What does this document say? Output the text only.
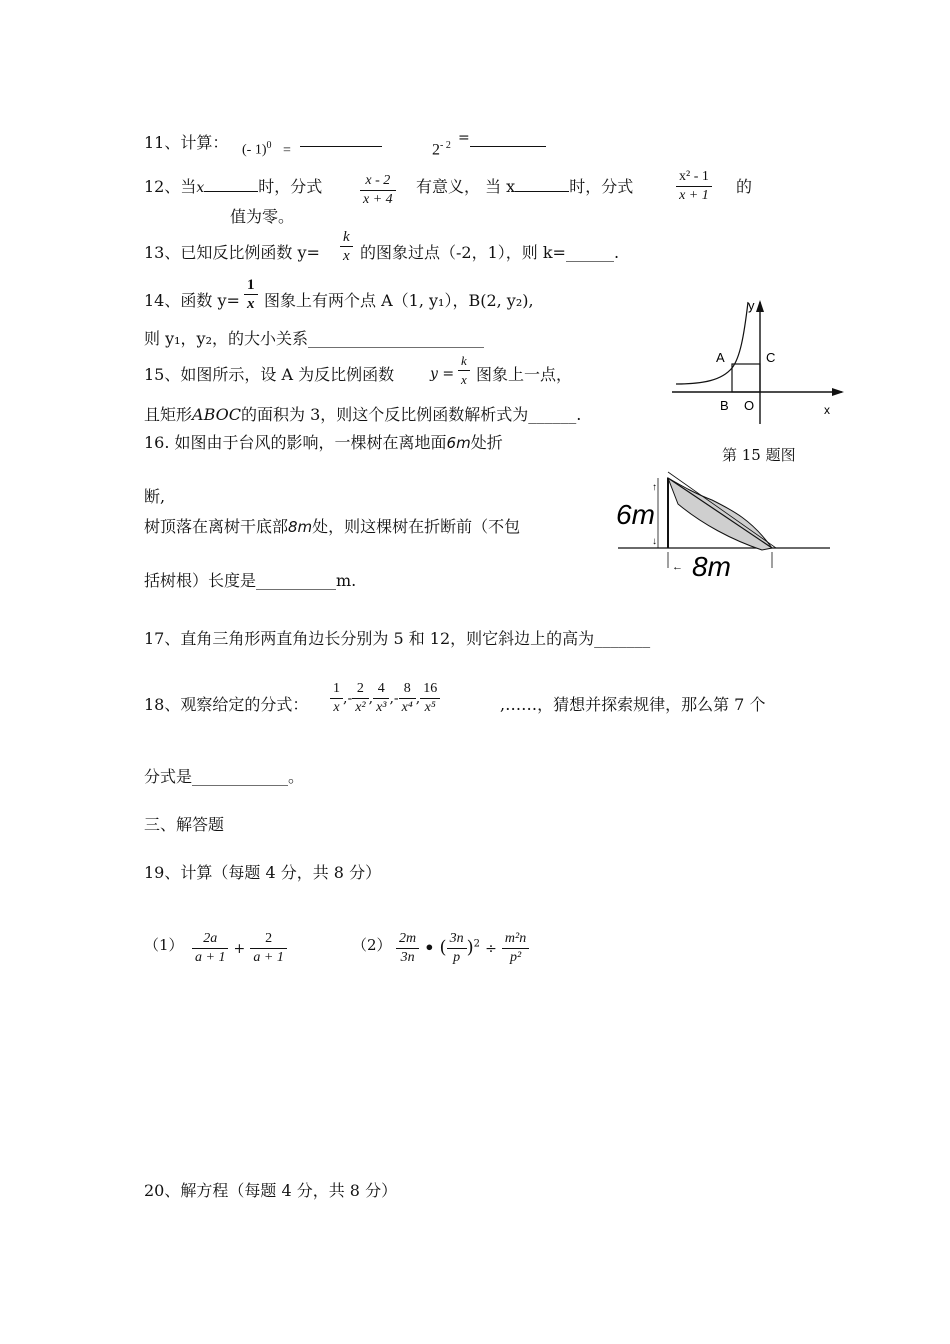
11、计算： (- 1)$^0$ =	$2^{- 2}$ =
12、当x	时，分式	$\frac{x - 2}{x + 4}$ 有意义， 当 x	时，分式	$\frac{\text{x² - 1}}{x + 1}$ 的
值为零。
13、已知反比例函数 $y= \frac{k}{x}$ 的图象过点（-2，1），则 k=______.
14、函数 $y= \frac{1}{x}$ 图象上有两个点 A（1, y₁），B(2, y₂),
则 y₁，y₂，的大小关系______________________
15、如图所示，设 A 为反比例函数	$y = \frac{k}{x}$ 图象上一点，
且矩形ABOC的面积为 3，则这个反比例函数解析式为______.
y
A	C
B O	x
第 15 题图
16. 如图由于台风的影响，一棵树在离地面6m处折
断,
树顶落在离树干底部8m处，则这棵树在折断前（不包
括树根）长度是__________m.
↑
↓
←
6m
8m
17、直角三角形两直角边长分别为 5 和 12，则它斜边上的高为_______
18、观察给定的分式： $\frac{1}{x}$ ,- $\frac{2}{\text{x²}}$ , $\frac{4}{\text{x³}}$ ,- $\frac{8}{\text{x⁴}}$ , $\frac{16}{\text{x⁵}}$	,……，猜想并探索规律，那么第 7 个
分式是____________。
三、解答题
19、计算（每题 4 分，共 8 分）
$(1) \frac{2a}{a + 1} + \frac{2}{a + 1}$	$(2) \frac{2m}{3n}$ • ( $\frac{3n}{p} )^2 \div \frac{\text{m²n}}{\text{p²}}$
20、解方程（每题 4 分，共 8 分）
